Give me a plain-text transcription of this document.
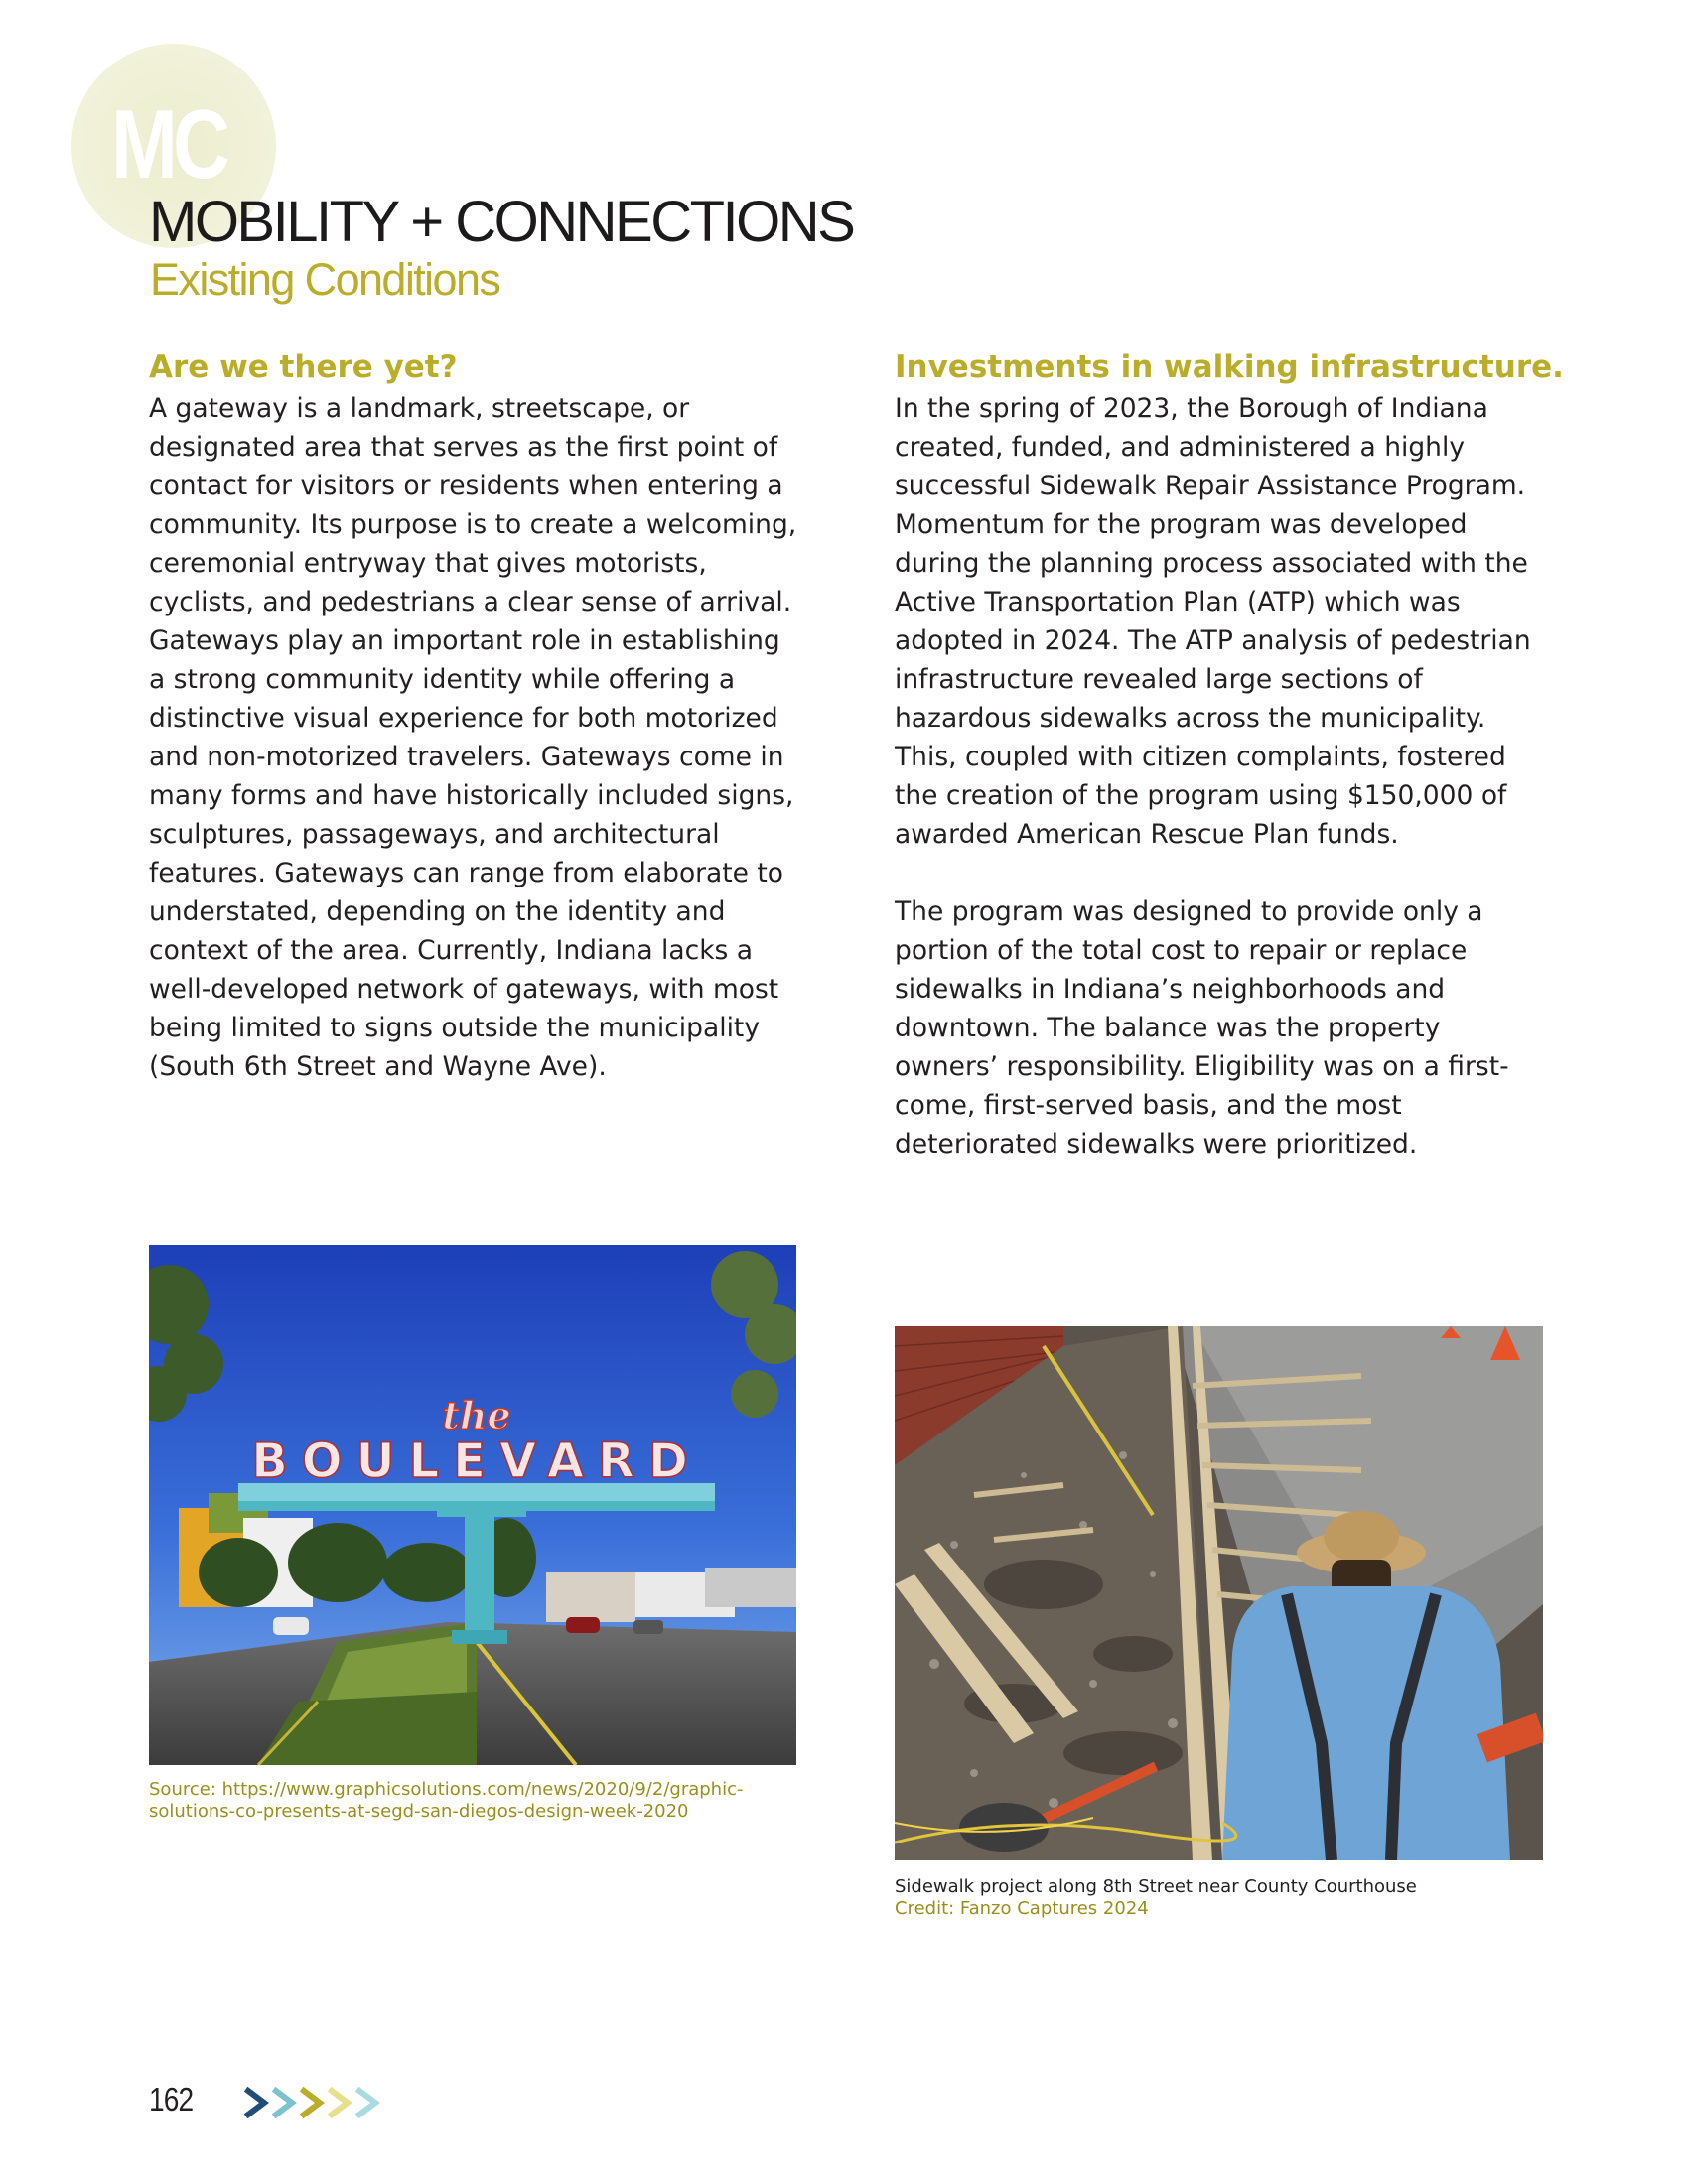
MC
MOBILITY + CONNECTIONS
Existing Conditions
Are we there yet?

A gateway is a landmark, streetscape, or designated area that serves as the first point of contact for visitors or residents when entering a community. Its purpose is to create a welcoming, ceremonial entryway that gives motorists, cyclists, and pedestrians a clear sense of arrival. Gateways play an important role in establishing a strong community identity while offering a distinctive visual experience for both motorized and non-motorized travelers. Gateways come in many forms and have historically included signs, sculptures, passageways, and architectural features. Gateways can range from elaborate to understated, depending on the identity and context of the area. Currently, Indiana lacks a well-developed network of gateways, with most being limited to signs outside the municipality (South 6th Street and Wayne Ave).

Investments in walking infrastructure.

In the spring of 2023, the Borough of Indiana created, funded, and administered a highly successful Sidewalk Repair Assistance Program. Momentum for the program was developed during the planning process associated with the Active Transportation Plan (ATP) which was adopted in 2024. The ATP analysis of pedestrian infrastructure revealed large sections of hazardous sidewalks across the municipality. This, coupled with citizen complaints, fostered the creation of the program using $150,000 of awarded American Rescue Plan funds.

The program was designed to provide only a portion of the total cost to repair or replace sidewalks in Indiana’s neighborhoods and downtown. The balance was the property owners’ responsibility. Eligibility was on a first-come, first-served basis, and the most deteriorated sidewalks were prioritized.

the
BOULEVARD
Source: https://www.graphicsolutions.com/news/2020/9/2/graphic-solutions-co-presents-at-segd-san-diegos-design-week-2020
Sidewalk project along 8th Street near County Courthouse
Credit: Fanzo Captures 2024
162
